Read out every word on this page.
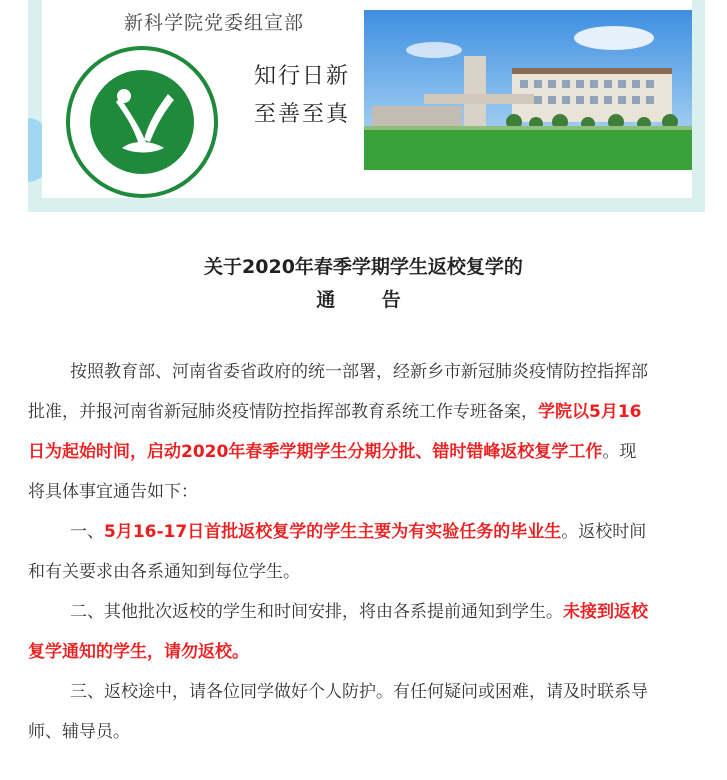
新科学院党委组宣部
知行日新
至善至真
关于2020年春季学期学生返校复学的
通 告
按照教育部、河南省委省政府的统一部署，经新乡市新冠肺炎疫情防控指挥部
批准，并报河南省新冠肺炎疫情防控指挥部教育系统工作专班备案，学院以5月16
日为起始时间，启动2020年春季学期学生分期分批、错时错峰返校复学工作。现
将具体事宜通告如下：
一、5月16-17日首批返校复学的学生主要为有实验任务的毕业生。返校时间
和有关要求由各系通知到每位学生。
二、其他批次返校的学生和时间安排，将由各系提前通知到学生。未接到返校
复学通知的学生，请勿返校。
三、返校途中，请各位同学做好个人防护。有任何疑问或困难，请及时联系导
师、辅导员。
